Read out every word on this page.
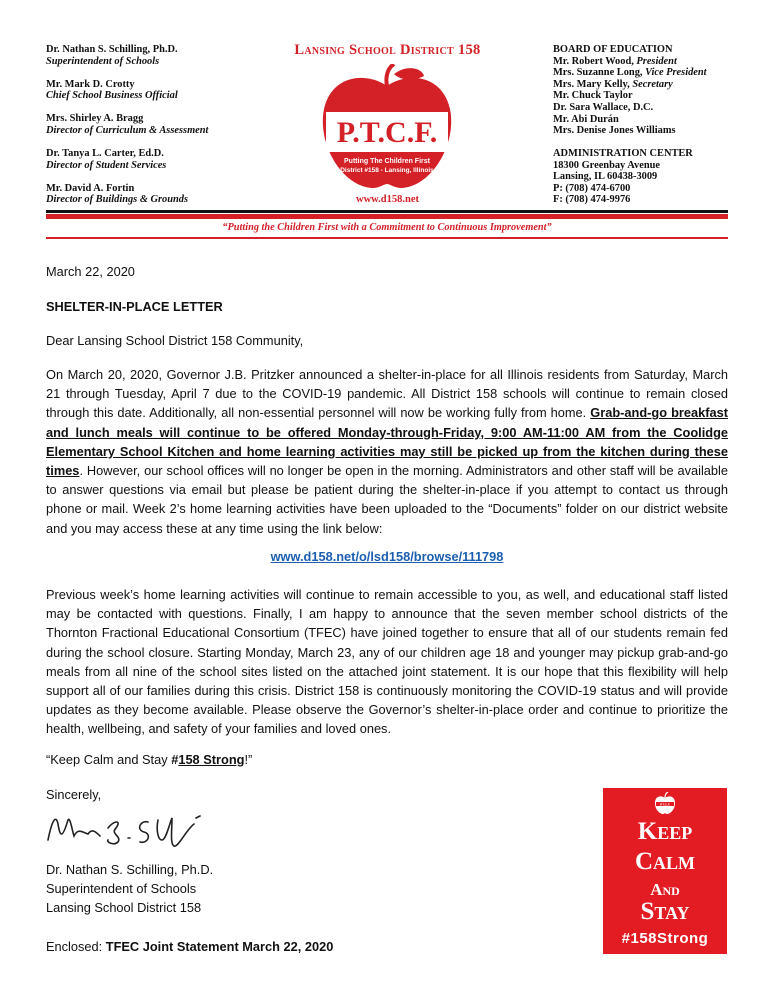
Dr. Nathan S. Schilling, Ph.D.
Superintendent of Schools
Mr. Mark D. Crotty
Chief School Business Official
Mrs. Shirley A. Bragg
Director of Curriculum & Assessment
Dr. Tanya L. Carter, Ed.D.
Director of Student Services
Mr. David A. Fortin
Director of Buildings & Grounds
Lansing School District 158
P.T.C.F.
Putting The Children First
District #158 - Lansing, Illinois
www.d158.net
BOARD OF EDUCATION
Mr. Robert Wood, President
Mrs. Suzanne Long, Vice President
Mrs. Mary Kelly, Secretary
Mr. Chuck Taylor
Dr. Sara Wallace, D.C.
Mr. Abi Durán
Mrs. Denise Jones Williams
ADMINISTRATION CENTER
18300 Greenbay Avenue
Lansing, IL 60438-3009
P: (708) 474-6700
F: (708) 474-9976
“Putting the Children First with a Commitment to Continuous Improvement”
March 22, 2020
SHELTER-IN-PLACE LETTER
Dear Lansing School District 158 Community,
On March 20, 2020, Governor J.B. Pritzker announced a shelter-in-place for all Illinois residents from Saturday, March 21 through Tuesday, April 7 due to the COVID-19 pandemic. All District 158 schools will continue to remain closed through this date. Additionally, all non-essential personnel will now be working fully from home. Grab-and-go breakfast and lunch meals will continue to be offered Monday-through-Friday, 9:00 AM-11:00 AM from the Coolidge Elementary School Kitchen and home learning activities may still be picked up from the kitchen during these times. However, our school offices will no longer be open in the morning. Administrators and other staff will be available to answer questions via email but please be patient during the shelter-in-place if you attempt to contact us through phone or mail. Week 2’s home learning activities have been uploaded to the “Documents” folder on our district website and you may access these at any time using the link below:
www.d158.net/o/lsd158/browse/111798
Previous week’s home learning activities will continue to remain accessible to you, as well, and educational staff listed may be contacted with questions. Finally, I am happy to announce that the seven member school districts of the Thornton Fractional Educational Consortium (TFEC) have joined together to ensure that all of our students remain fed during the school closure. Starting Monday, March 23, any of our children age 18 and younger may pickup grab-and-go meals from all nine of the school sites listed on the attached joint statement. It is our hope that this flexibility will help support all of our families during this crisis. District 158 is continuously monitoring the COVID-19 status and will provide updates as they become available. Please observe the Governor’s shelter-in-place order and continue to prioritize the health, wellbeing, and safety of your families and loved ones.
“Keep Calm and Stay #158 Strong!”
Sincerely,
Nathan S. Schilling
Dr. Nathan S. Schilling, Ph.D.
Superintendent of Schools
Lansing School District 158
Enclosed: TFEC Joint Statement March 22, 2020
P.T.C.F.
Keep
Calm
And
Stay
#158Strong
